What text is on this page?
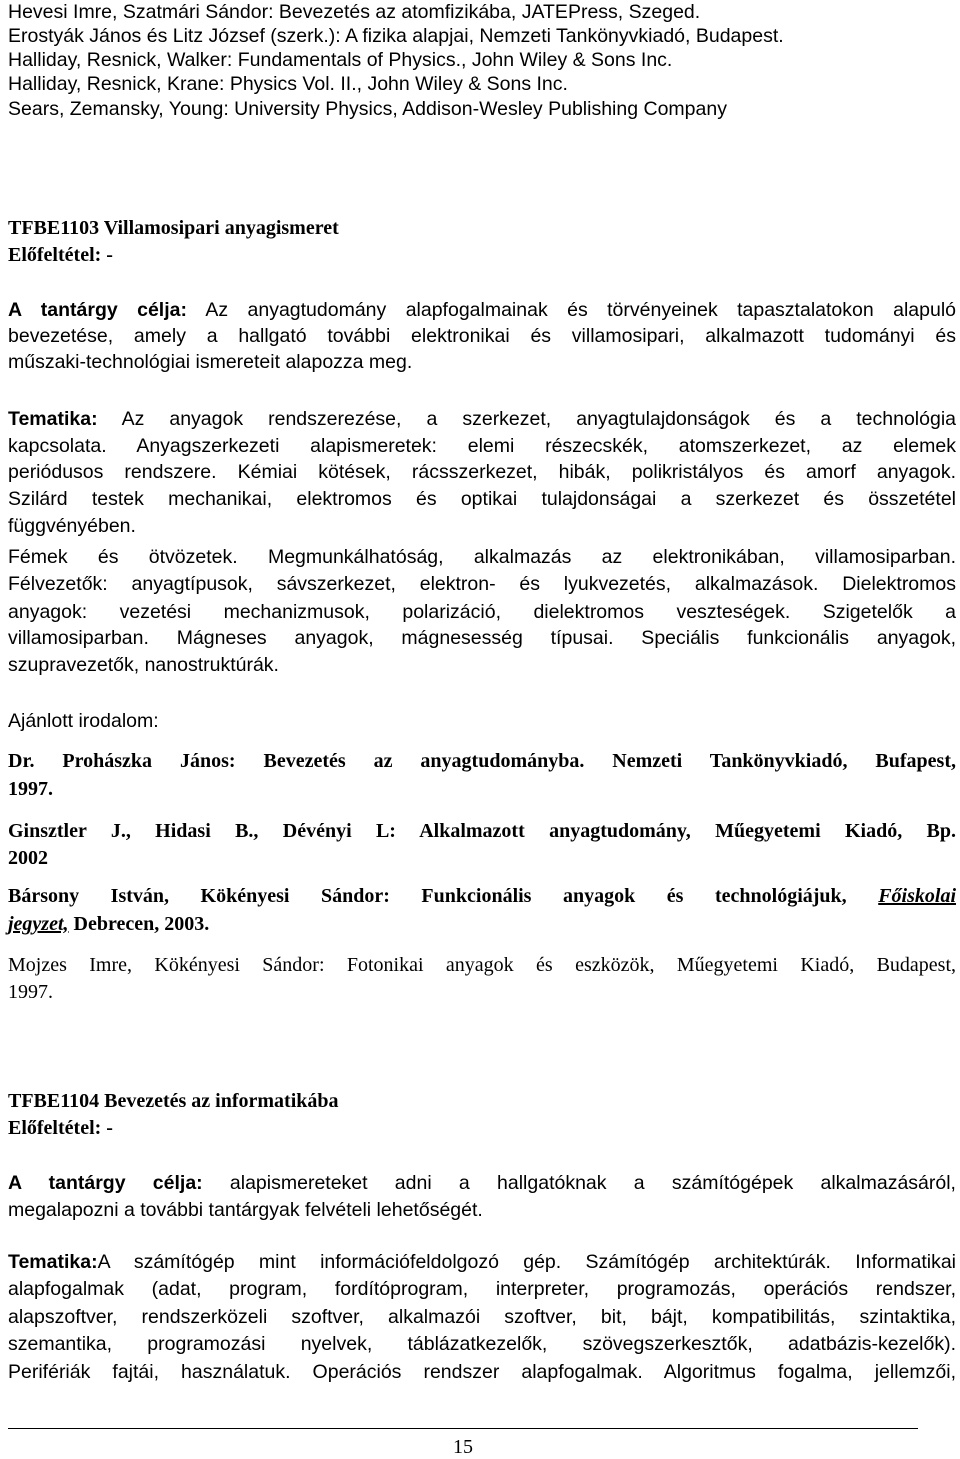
Hevesi Imre, Szatmári Sándor: Bevezetés az atomfizikába, JATEPress, Szeged.
Erostyák János és Litz József (szerk.): A fizika alapjai, Nemzeti Tankönyvkiadó, Budapest.
Halliday, Resnick, Walker: Fundamentals of Physics., John Wiley & Sons Inc.
Halliday, Resnick, Krane: Physics Vol. II., John Wiley & Sons Inc.
Sears, Zemansky, Young: University Physics, Addison-Wesley Publishing Company
TFBE1103 Villamosipari anyagismeret
Előfeltétel: -
A tantárgy célja: Az anyagtudomány alapfogalmainak és törvényeinek tapasztalatokon alapuló
bevezetése, amely a hallgató további elektronikai és villamosipari, alkalmazott tudományi és
műszaki-technológiai ismereteit alapozza meg.
Tematika: Az anyagok rendszerezése, a szerkezet, anyagtulajdonságok és a technológia
kapcsolata. Anyagszerkezeti alapismeretek: elemi részecskék, atomszerkezet, az elemek
periódusos rendszere. Kémiai kötések, rácsszerkezet, hibák, polikristályos és amorf anyagok.
Szilárd testek mechanikai, elektromos és optikai tulajdonságai a szerkezet és összetétel
függvényében.
Fémek és ötvözetek. Megmunkálhatóság, alkalmazás az elektronikában, villamosiparban.
Félvezetők: anyagtípusok, sávszerkezet, elektron- és lyukvezetés, alkalmazások. Dielektromos
anyagok: vezetési mechanizmusok, polarizáció, dielektromos veszteségek. Szigetelők a
villamosiparban. Mágneses anyagok, mágnesesség típusai. Speciális funkcionális anyagok,
szupravezetők, nanostruktúrák.
Ajánlott irodalom:
Dr. Prohászka János: Bevezetés az anyagtudományba. Nemzeti Tankönyvkiadó, Bufapest,
1997.
Ginsztler J., Hidasi B., Dévényi L: Alkalmazott anyagtudomány, Műegyetemi Kiadó, Bp.
2002
Bársony István, Kökényesi Sándor: Funkcionális anyagok és technológiájuk, Főiskolai
jegyzet, Debrecen, 2003.
Mojzes Imre, Kökényesi Sándor: Fotonikai anyagok és eszközök, Műegyetemi Kiadó, Budapest,
1997.
TFBE1104 Bevezetés az informatikába
Előfeltétel: -
A tantárgy célja: alapismereteket adni a hallgatóknak a számítógépek alkalmazásáról,
megalapozni a további tantárgyak felvételi lehetőségét.
Tematika:A számítógép mint információfeldolgozó gép. Számítógép architektúrák. Informatikai
alapfogalmak (adat, program, fordítóprogram, interpreter, programozás, operációs rendszer,
alapszoftver, rendszerközeli szoftver, alkalmazói szoftver, bit, bájt, kompatibilitás, szintaktika,
szemantika, programozási nyelvek, táblázatkezelők, szövegszerkesztők, adatbázis-kezelők).
Perifériák fajtái, használatuk. Operációs rendszer alapfogalmak. Algoritmus fogalma, jellemzői,
15
